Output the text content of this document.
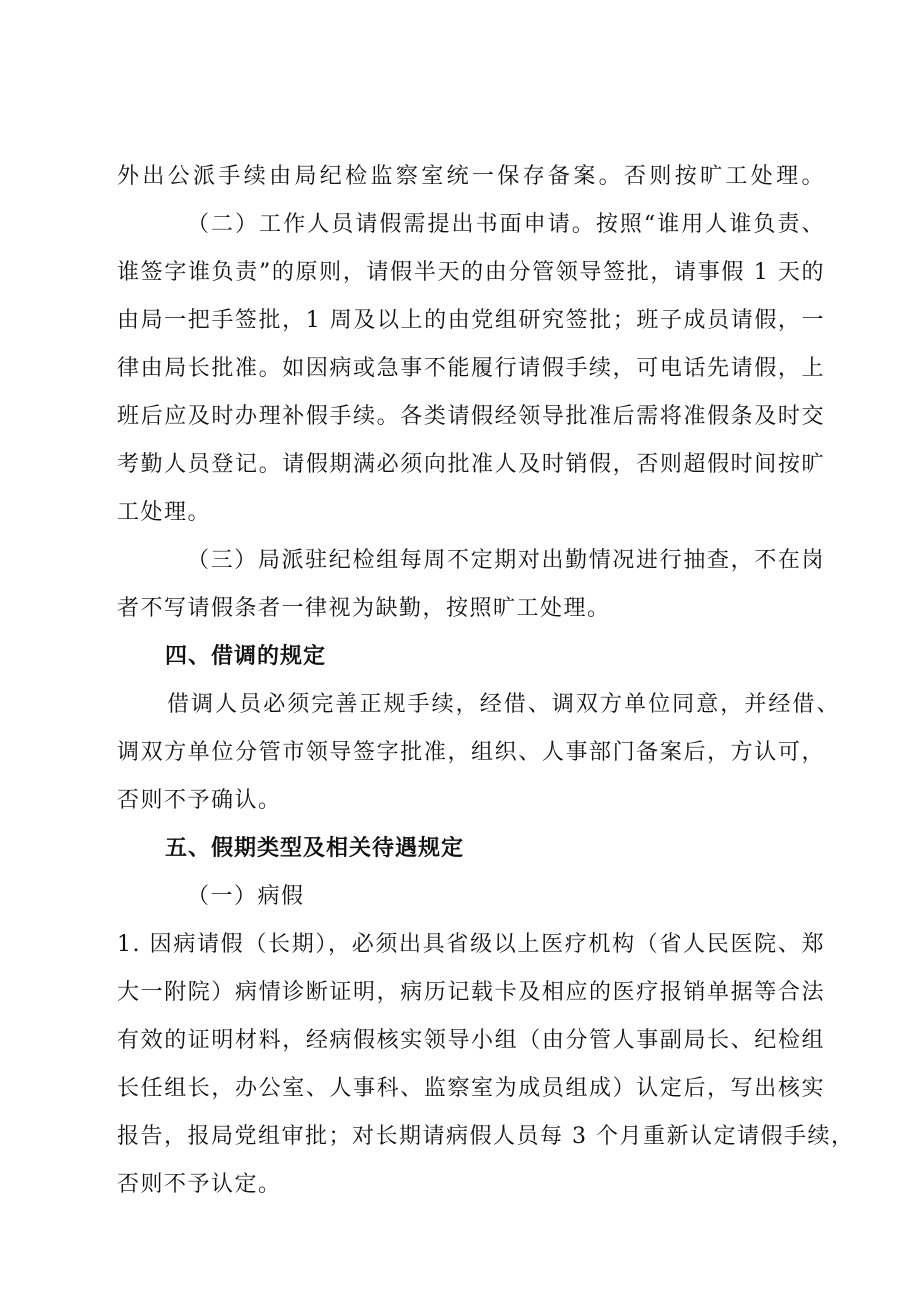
外出公派手续由局纪检监察室统一保存备案。否则按旷工处理。
（二）工作人员请假需提出书面申请。按照“谁用人谁负责、
谁签字谁负责”的原则，请假半天的由分管领导签批，请事假 1 天的
由局一把手签批，1 周及以上的由党组研究签批；班子成员请假，一
律由局长批准。如因病或急事不能履行请假手续，可电话先请假，上
班后应及时办理补假手续。各类请假经领导批准后需将准假条及时交
考勤人员登记。请假期满必须向批准人及时销假，否则超假时间按旷
工处理。
（三）局派驻纪检组每周不定期对出勤情况进行抽查，不在岗
者不写请假条者一律视为缺勤，按照旷工处理。
四、借调的规定
借调人员必须完善正规手续，经借、调双方单位同意，并经借、
调双方单位分管市领导签字批准，组织、人事部门备案后，方认可，
否则不予确认。
五、假期类型及相关待遇规定
（一）病假
1. 因病请假（长期），必须出具省级以上医疗机构（省人民医院、郑
大一附院）病情诊断证明，病历记载卡及相应的医疗报销单据等合法
有效的证明材料，经病假核实领导小组（由分管人事副局长、纪检组
长任组长，办公室、人事科、监察室为成员组成）认定后，写出核实
报告，报局党组审批；对长期请病假人员每 3 个月重新认定请假手续，
否则不予认定。
